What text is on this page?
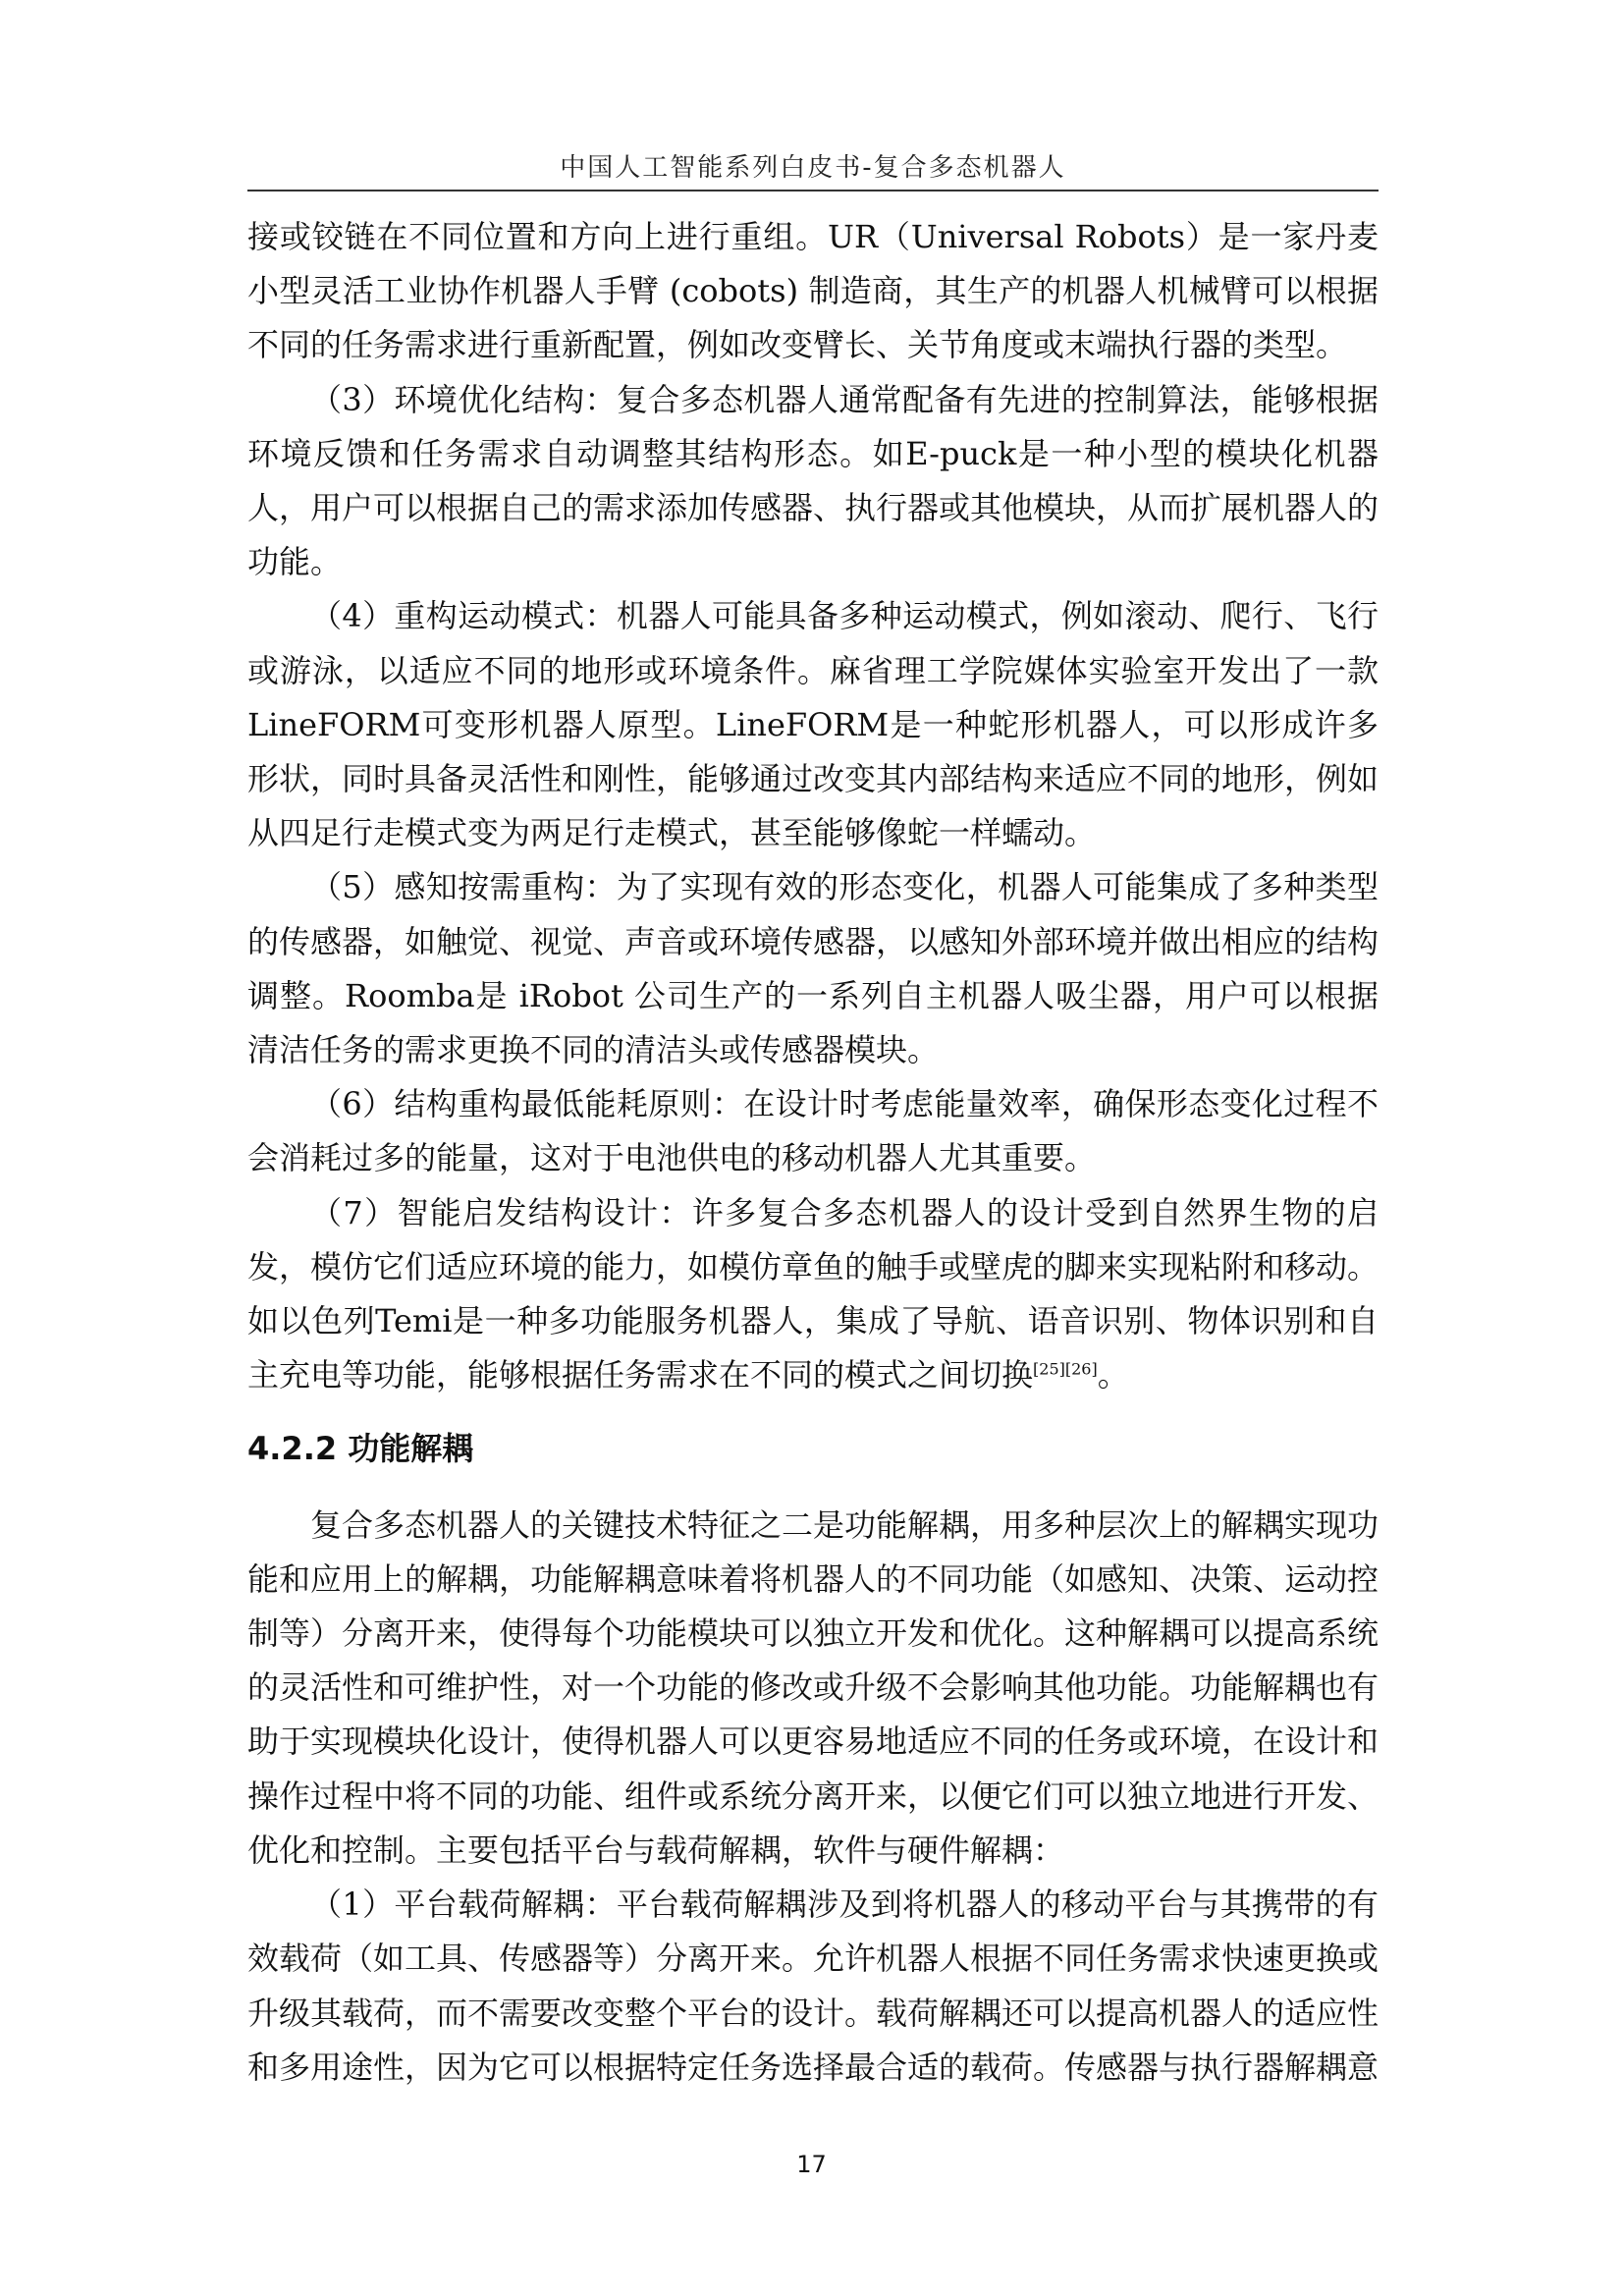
中国人工智能系列白皮书-复合多态机器人

接或铰链在不同位置和方向上进行重组。UR（Universal Robots）是一家丹麦小型灵活工业协作机器人手臂 (cobots) 制造商，其生产的机器人机械臂可以根据不同的任务需求进行重新配置，例如改变臂长、关节角度或末端执行器的类型。

（3）环境优化结构：复合多态机器人通常配备有先进的控制算法，能够根据环境反馈和任务需求自动调整其结构形态。如E-puck是一种小型的模块化机器人，用户可以根据自己的需求添加传感器、执行器或其他模块，从而扩展机器人的功能。

（4）重构运动模式：机器人可能具备多种运动模式，例如滚动、爬行、飞行或游泳，以适应不同的地形或环境条件。麻省理工学院媒体实验室开发出了一款LineFORM可变形机器人原型。LineFORM是一种蛇形机器人，可以形成许多形状，同时具备灵活性和刚性，能够通过改变其内部结构来适应不同的地形，例如从四足行走模式变为两足行走模式，甚至能够像蛇一样蠕动。

（5）感知按需重构：为了实现有效的形态变化，机器人可能集成了多种类型的传感器，如触觉、视觉、声音或环境传感器，以感知外部环境并做出相应的结构调整。Roomba是 iRobot 公司生产的一系列自主机器人吸尘器，用户可以根据清洁任务的需求更换不同的清洁头或传感器模块。

（6）结构重构最低能耗原则：在设计时考虑能量效率，确保形态变化过程不会消耗过多的能量，这对于电池供电的移动机器人尤其重要。

（7）智能启发结构设计：许多复合多态机器人的设计受到自然界生物的启发，模仿它们适应环境的能力，如模仿章鱼的触手或壁虎的脚来实现粘附和移动。如以色列Temi是一种多功能服务机器人，集成了导航、语音识别、物体识别和自主充电等功能，能够根据任务需求在不同的模式之间切换[25][26]。

4.2.2 功能解耦

复合多态机器人的关键技术特征之二是功能解耦，用多种层次上的解耦实现功能和应用上的解耦，功能解耦意味着将机器人的不同功能（如感知、决策、运动控制等）分离开来，使得每个功能模块可以独立开发和优化。这种解耦可以提高系统的灵活性和可维护性，对一个功能的修改或升级不会影响其他功能。功能解耦也有助于实现模块化设计，使得机器人可以更容易地适应不同的任务或环境，在设计和操作过程中将不同的功能、组件或系统分离开来，以便它们可以独立地进行开发、优化和控制。主要包括平台与载荷解耦，软件与硬件解耦：

（1）平台载荷解耦：平台载荷解耦涉及到将机器人的移动平台与其携带的有效载荷（如工具、传感器等）分离开来。允许机器人根据不同任务需求快速更换或升级其载荷，而不需要改变整个平台的设计。载荷解耦还可以提高机器人的适应性和多用途性，因为它可以根据特定任务选择最合适的载荷。传感器与执行器解耦意

17
